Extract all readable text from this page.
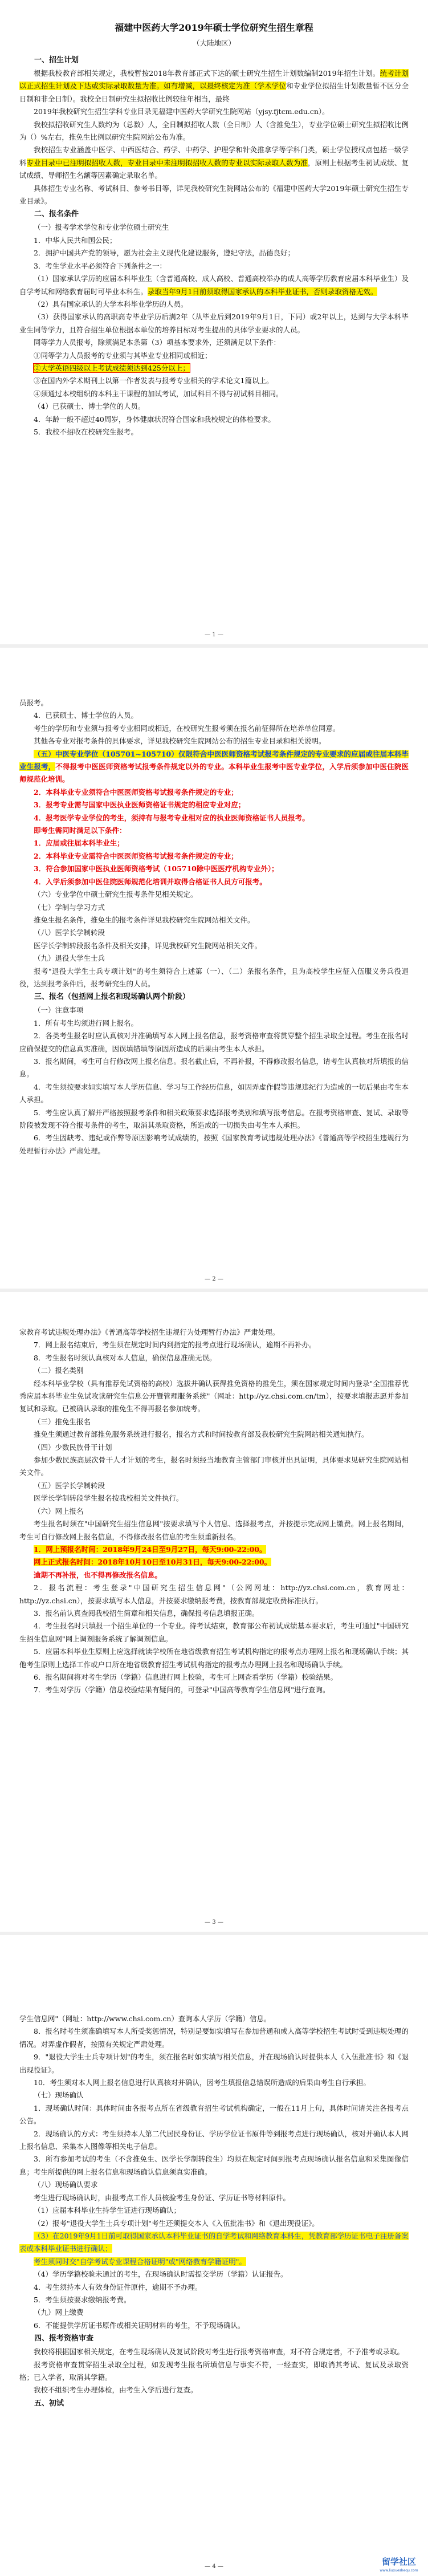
福建中医药大学2019年硕士学位研究生招生章程
（大陆地区）
一、招生计划

根据我校教育部相关规定，我校暂按2018年教育部正式下达的硕士研究生招生计划数编制2019年招生计划。统考计划以正式招生计划及下达或实际录取数量为准。如有增减，以最终核定为准（学术学位和专业学位拟招生计划数量暂不区分全日制和非全日制）。我校全日制研究生拟招收比例较往年相当，最终

2019年我校研究生招生学科专业目录见福建中医药大学研究生院网站（yjsy.fjtcm.edu.cn）。

我校拟招收研究生人数约为（总数）人，全日制拟招收人数（全日制）人（含推免生），专业学位硕士研究生拟招收比例为（）%左右，推免生比例以研究生院网站公布为准。

我校招生专业涵盖中医学、中西医结合、药学、中药学、护理学和针灸推拿学等学科门类，硕士学位授权点包括一级学科专业目录中已注明拟招收人数，专业目录中未注明拟招收人数的专业以实际录取人数为准，原则上根据考生初试成绩、复试成绩、导师招生名额等因素确定录取名单。

具体招生专业名称、考试科目、参考书目等，详见我校研究生院网站公布的《福建中医药大学2019年硕士研究生招生专业目录》。

二、报名条件

（一）报考学术学位和专业学位硕士研究生

1．中华人民共和国公民；

2．拥护中国共产党的领导，愿为社会主义现代化建设服务，遵纪守法，品德良好；

3．考生学业水平必须符合下列条件之一：

（1）国家承认学历的应届本科毕业生（含普通高校、成人高校、普通高校举办的成人高等学历教育应届本科毕业生）及自学考试和网络教育届时可毕业本科生。录取当年9月1日前须取得国家承认的本科毕业证书，否则录取资格无效。

（2）具有国家承认的大学本科毕业学历的人员。

（3）获得国家承认的高职高专毕业学历后满2年（从毕业后到2019年9月1日，下同）或2年以上，达到与大学本科毕业生同等学力，且符合招生单位根据本单位的培养目标对考生提出的具体学业要求的人员。

同等学力人员报考，除须满足本条第（3）项基本要求外，还须满足以下条件：

①同等学力人员报考的专业须与其毕业专业相同或相近；

②大学英语四级以上考试成绩须达到425分以上；

③在国内外学术期刊上以第一作者发表与报考专业相关的学术论文1篇以上。

④须通过本校组织的本科主干课程的加试考试，加试科目不得与初试科目相同。

（4）已获硕士、博士学位的人员。

4．年龄一般不超过40周岁，身体健康状况符合国家和我校规定的体检要求。

5．我校不招收在校研究生报考。

— 1 —

员报考。

4．已获硕士、博士学位的人员。

考生的学历和专业须与报考专业相同或相近，在校研究生报考须在报名前征得所在培养单位同意。

其他各专业对报考条件的具体要求，详见我校研究生院网站公布的招生专业目录和相关说明。

（五）中医专业学位（105701~105710）仅限符合中医医师资格考试报考条件规定的专业要求的应届或往届本科毕业生报考，不得报考中医医师资格考试报考条件规定以外的专业。本科毕业生报考中医专业学位，入学后须参加中医住院医师规范化培训。

2．本科毕业专业须符合中医医师资格考试报考条件规定的专业；

3．报考专业需与国家中医执业医师资格证书规定的相应专业对应；

4．报考医学专业学位的考生，须持有与报考专业相对应的执业医师资格证书人员报考。

即考生需同时满足以下条件：

1．应届或往届本科毕业生；

2．本科毕业专业需符合中医医师资格考试报考条件规定的专业；

3．符合参加国家中医执业医师资格考试（105710除中医医疗机构专业外）；

4．入学后须参加中医住院医师规范化培训并取得合格证书人员方可报考。

（六）专业学位中硕士研究生报考条件见相关规定。

（七）学制与学习方式

推免生报名条件，推免生的报考条件详见我校研究生院网站相关文件。

（八）医学长学制转段

医学长学制转段报名条件及相关安排，详见我校研究生院网站相关文件。

（九）退役大学生士兵

报考"退役大学生士兵专项计划"的考生须符合上述第（一）、（二）条报名条件，且为高校学生应征入伍服义务兵役退役，达到报考条件后，报考研究生的人员。

三、报名（包括网上报名和现场确认两个阶段）

（一）注意事项

1．所有考生均须进行网上报名。

2．各类考生报名时应认真核对并准确填写本人网上报名信息，报考资格审查将贯穿整个招生录取全过程。考生在报名时应确保提交的信息真实准确，因误填错填等原因所造成的后果由考生本人承担。

3．报名期间，考生可自行修改网上报名信息。报名截止后，不再补报，不得修改报名信息，请考生认真核对所填报的信息。

4．考生须按要求如实填写本人学历信息、学习与工作经历信息，如因弄虚作假等违规违纪行为造成的一切后果由考生本人承担。

5．考生应认真了解并严格按照报考条件和相关政策要求选择报考类别和填写报考信息。在报考资格审查、复试、录取等阶段被发现不符合报考条件的考生，取消其录取资格，所造成的一切损失由考生本人承担。

6．考生因缺考、违纪或作弊等原因影响考试成绩的，按照《国家教育考试违规处理办法》《普通高等学校招生违规行为处理暂行办法》严肃处理。

— 2 —

家教育考试违规处理办法》《普通高等学校招生违规行为处理暂行办法》严肃处理。

7．网上报名结束后，考生须在规定时间内到指定的报考点进行现场确认，逾期不再补办。

8．考生报名时须认真核对本人信息，确保信息准确无误。

（二）报名类别

经本科毕业学校（具有推荐免试资格的高校）选拔并确认获得推免资格的推免生，须在国家规定时间内登录"全国推荐优秀应届本科毕业生免试攻读研究生信息公开暨管理服务系统"（网址：http://yz.chsi.com.cn/tm），按要求填报志愿并参加复试和录取。已被确认录取的推免生不得再报名参加统考。

（三）推免生报名

推免生须通过教育部推免服务系统进行报名，报名方式和时间按教育部及我校研究生院网站相关通知执行。

（四）少数民族骨干计划

参加少数民族高层次骨干人才计划的考生，报名时须经当地教育主管部门审核并出具证明，具体要求见研究生院网站相关文件。

（五）医学长学制转段

医学长学制转段学生报名按我校相关文件执行。

（六）网上报名

考生报名时须在"中国研究生招生信息网"按要求填写个人信息、选择报考点，并按提示完成网上缴费。网上报名期间，考生可自行修改网上报名信息，不得修改报名信息的考生须重新报名。

1．网上预报名时间：2018年9月24日至9月27日，每天9:00-22:00。

网上正式报名时间：2018年10月10日至10月31日，每天9:00-22:00。

逾期不再补报，也不得再修改报名信息。

2．报名流程：考生登录"中国研究生招生信息网"（公网网址：http://yz.chsi.com.cn，教育网址：http://yz.chsi.cn），按要求填写本人信息，并按要求缴纳报考费，按教育部规定收费标准执行。

3．报名前认真查阅我校招生简章和相关信息，确保报考信息填报正确。

4．考生报名时只填报一个招生单位的一个专业。待考试结束，教育部公布初试成绩基本要求后，考生可通过"中国研究生招生信息网"网上调剂服务系统了解调剂信息。

5．应届本科毕业生原则上应选择就读学校所在地省级教育招生考试机构指定的报考点办理网上报名和现场确认手续；其他考生原则上选择工作或户口所在地省级教育招生考试机构指定的报考点办理网上报名和现场确认手续。

6．报名期间将对考生学历（学籍）信息进行网上校验，考生可上网查看学历（学籍）校验结果。

7．考生对学历（学籍）信息校验结果有疑问的，可登录"中国高等教育学生信息网"进行查询。

— 3 —

学生信息网"（网址：http://www.chsi.com.cn）查询本人学历（学籍）信息。

8．报名时考生须准确填写本人所受奖惩情况，特别是要如实填写在参加普通和成人高等学校招生考试时受到违规处理的情况。对弄虚作假者，按照有关规定严肃处理。

9．"退役大学生士兵专项计划"的考生，须在报名时如实填写相关信息，并在现场确认时提供本人《入伍批准书》和《退出现役证》。

10．考生须对本人网上报名信息进行认真核对并确认，因考生填报信息错误所造成的后果由考生自行承担。

（七）现场确认

1．现场确认时间：具体时间由各报考点所在省级教育招生考试机构确定，一般在11月上旬，具体时间请关注各报考点公告。

2．现场确认的方式：考生须持本人第二代居民身份证、学历学位证书原件等到报考点进行现场确认，核对并确认本人网上报名信息、采集本人图像等相关电子信息。

3．所有参加考试的考生（不含推免生、医学长学制转段生）均须在规定时间到报考点现场确认报名信息和采集图像信息；考生所提供的网上报名信息和现场确认信息须真实准确。

（八）现场确认要求

考生进行现场确认时，由报考点工作人员核验考生身份证、学历证书等材料原件。

（1）应届本科毕业生持学生证进行现场确认；

（2）报考"退役大学生士兵专项计划"考生还须提交本人《入伍批准书》和《退出现役证》。

（3）在2019年9月1日前可取得国家承认本科毕业证书的自学考试和网络教育本科生，凭教育部学历证书电子注册备案表或本科毕业证书进行确认；

考生须同时交"自学考试专业课程合格证明"或"网络教育学籍证明"。

（4）学历学籍校验未通过的考生，在现场确认时需提交学历（学籍）认证报告。

4．考生须持本人有效身份证件原件，逾期不予办理。

5．考生须按要求缴纳报考费。

（九）网上缴费

6．不能提供学历证书原件或相关证明材料的考生，不予现场确认。

四、报考资格审查

我校将根据国家相关规定，在考生现场确认及复试阶段对考生进行报考资格审查，对不符合规定者，不予准考或录取。

报考资格审查贯穿招生录取全过程，如发现考生报名所填信息与事实不符，一经查实，即取消其考试、复试及录取资格；已入学者，取消其学籍。

我校不组织考生办理体检，由考生入学后进行复查。

五、初试
— 4 —	留学社区
www.liuxueshequ.com
